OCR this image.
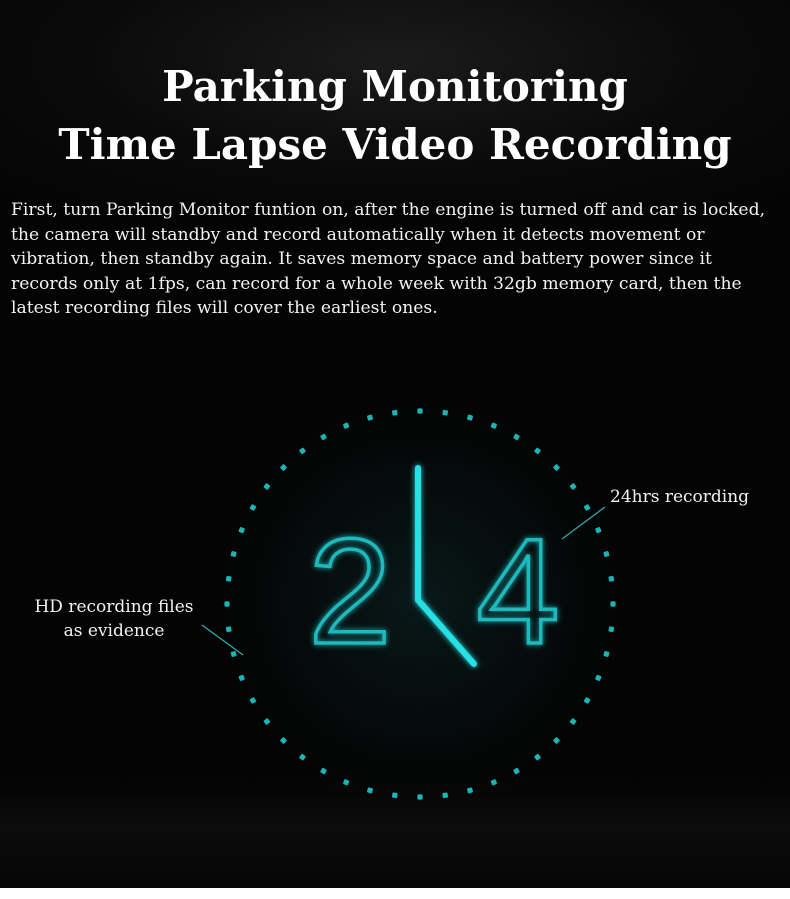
Parking Monitoring
Time Lapse Video Recording

First, turn Parking Monitor funtion on, after the engine is turned off and car is locked,
the camera will standby and record automatically when it detects movement or
vibration, then standby again. It saves memory space and battery power since it
records only at 1fps, can record for a whole week with 32gb memory card, then the
latest recording files will cover the earliest ones.

2 4
24hrs recording
HD recording files
as evidence
